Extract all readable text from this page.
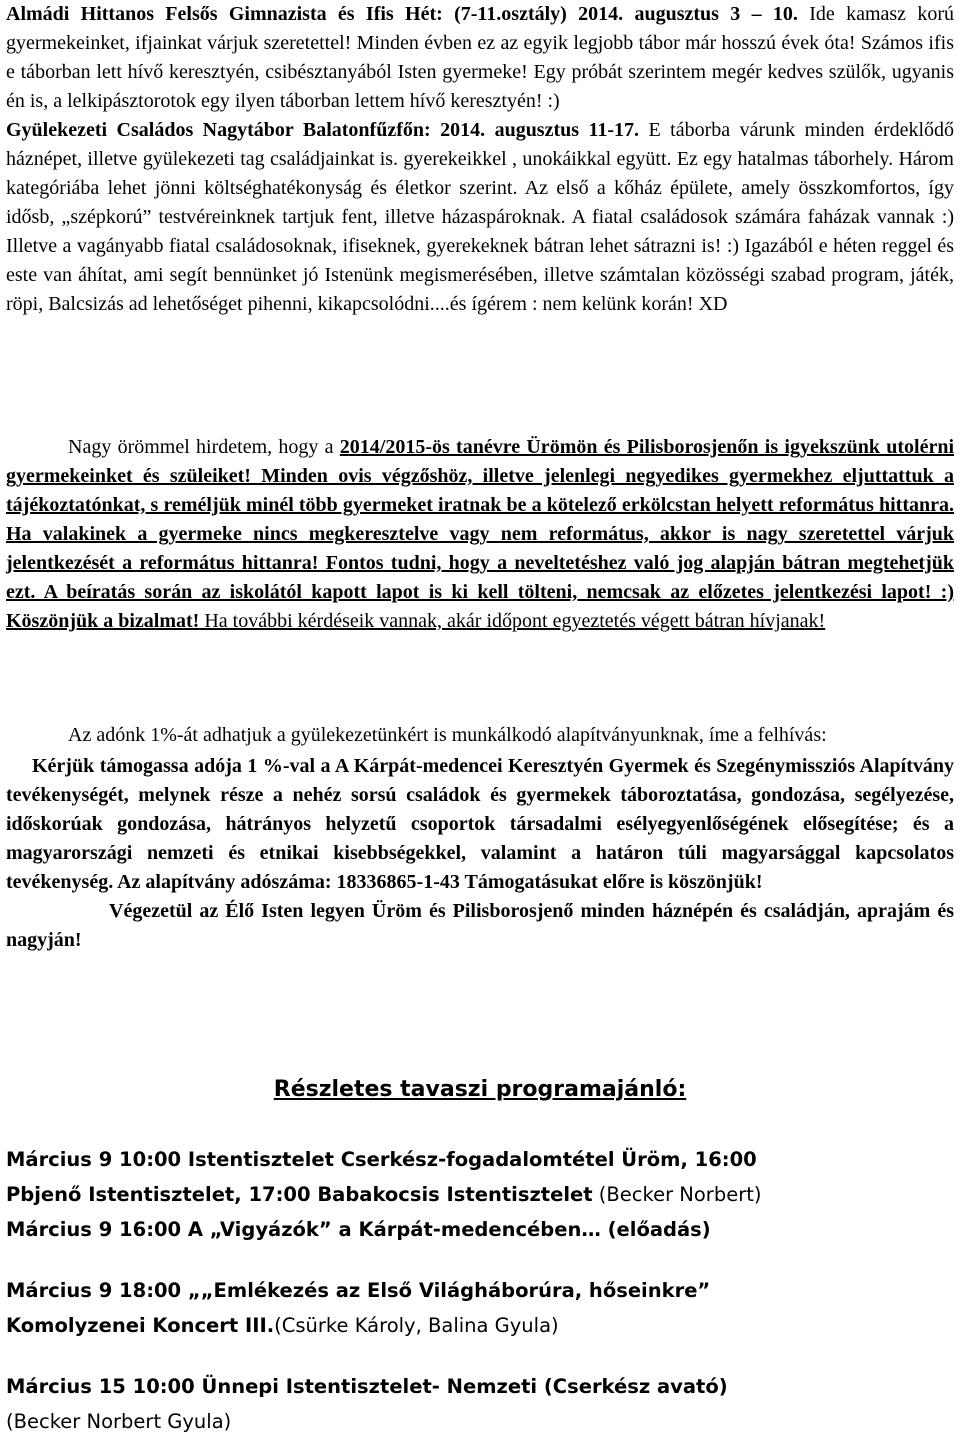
Almádi Hittanos Felsős Gimnazista és Ifis Hét: (7-11.osztály) 2014. augusztus 3 – 10. Ide kamasz korú gyermekeinket, ifjainkat várjuk szeretettel! Minden évben ez az egyik legjobb tábor már hosszú évek óta! Számos ifis e táborban lett hívő keresztyén, csibésztanyából Isten gyermeke! Egy próbát szerintem megér kedves szülők, ugyanis én is, a lelkipásztorotok egy ilyen táborban lettem hívő keresztyén! :)

Gyülekezeti Családos Nagytábor Balatonfűzfőn: 2014. augusztus 11-17. E táborba várunk minden érdeklődő háznépet, illetve gyülekezeti tag családjainkat is. gyerekeikkel , unokáikkal együtt. Ez egy hatalmas táborhely. Három kategóriába lehet jönni költséghatékonyság és életkor szerint. Az első a kőház épülete, amely összkomfortos, így idősb, „szépkorú” testvéreinknek tartjuk fent, illetve házaspároknak. A fiatal családosok számára faházak vannak :) Illetve a vagányabb fiatal családosoknak, ifiseknek, gyerekeknek bátran lehet sátrazni is! :) Igazából e héten reggel és este van áhítat, ami segít bennünket jó Istenünk megismerésében, illetve számtalan közösségi szabad program, játék, röpi, Balcsizás ad lehetőséget pihenni, kikapcsolódni....és ígérem : nem kelünk korán! XD

Nagy örömmel hirdetem, hogy a 2014/2015-ös tanévre Ürömön és Pilisborosjenőn is igyekszünk utolérni gyermekeinket és szüleiket! Minden ovis végzőshöz, illetve jelenlegi negyedikes gyermekhez eljuttattuk a tájékoztatónkat, s reméljük minél több gyermeket iratnak be a kötelező erkölcstan helyett református hittanra. Ha valakinek a gyermeke nincs megkeresztelve vagy nem református, akkor is nagy szeretettel várjuk jelentkezését a református hittanra! Fontos tudni, hogy a neveltetéshez való jog alapján bátran megtehetjük ezt. A beíratás során az iskolától kapott lapot is ki kell tölteni, nemcsak az előzetes jelentkezési lapot! :) Köszönjük a bizalmat! Ha további kérdéseik vannak, akár időpont egyeztetés végett bátran hívjanak!

Az adónk 1%-át adhatjuk a gyülekezetünkért is munkálkodó alapítványunknak, íme a felhívás:

Kérjük támogassa adója 1 %-val a A Kárpát-medencei Keresztyén Gyermek és Szegénymissziós Alapítvány tevékenységét, melynek része a nehéz sorsú családok és gyermekek táboroztatása, gondozása, segélyezése, időskorúak gondozása, hátrányos helyzetű csoportok társadalmi esélyegyenlőségének elősegítése; és a magyarországi nemzeti és etnikai kisebbségekkel, valamint a határon túli magyarsággal kapcsolatos tevékenység. Az alapítvány adószáma: 18336865-1-43 Támogatásukat előre is köszönjük!

Végezetül az Élő Isten legyen Üröm és Pilisborosjenő minden háznépén és családján, aprajám és nagyján!

Részletes tavaszi programajánló:
Március 9 10:00 Istentisztelet Cserkész-fogadalomtétel Üröm, 16:00
Pbjenő Istentisztelet, 17:00 Babakocsis Istentisztelet (Becker Norbert)
Március 9 16:00 A „Vigyázók” a Kárpát-medencében… (előadás)
Március 9 18:00 „„Emlékezés az Első Világháborúra, hőseinkre”
Komolyzenei Koncert III.(Csürke Károly, Balina Gyula)
Március 15 10:00 Ünnepi Istentisztelet- Nemzeti (Cserkész avató)
(Becker Norbert Gyula)
